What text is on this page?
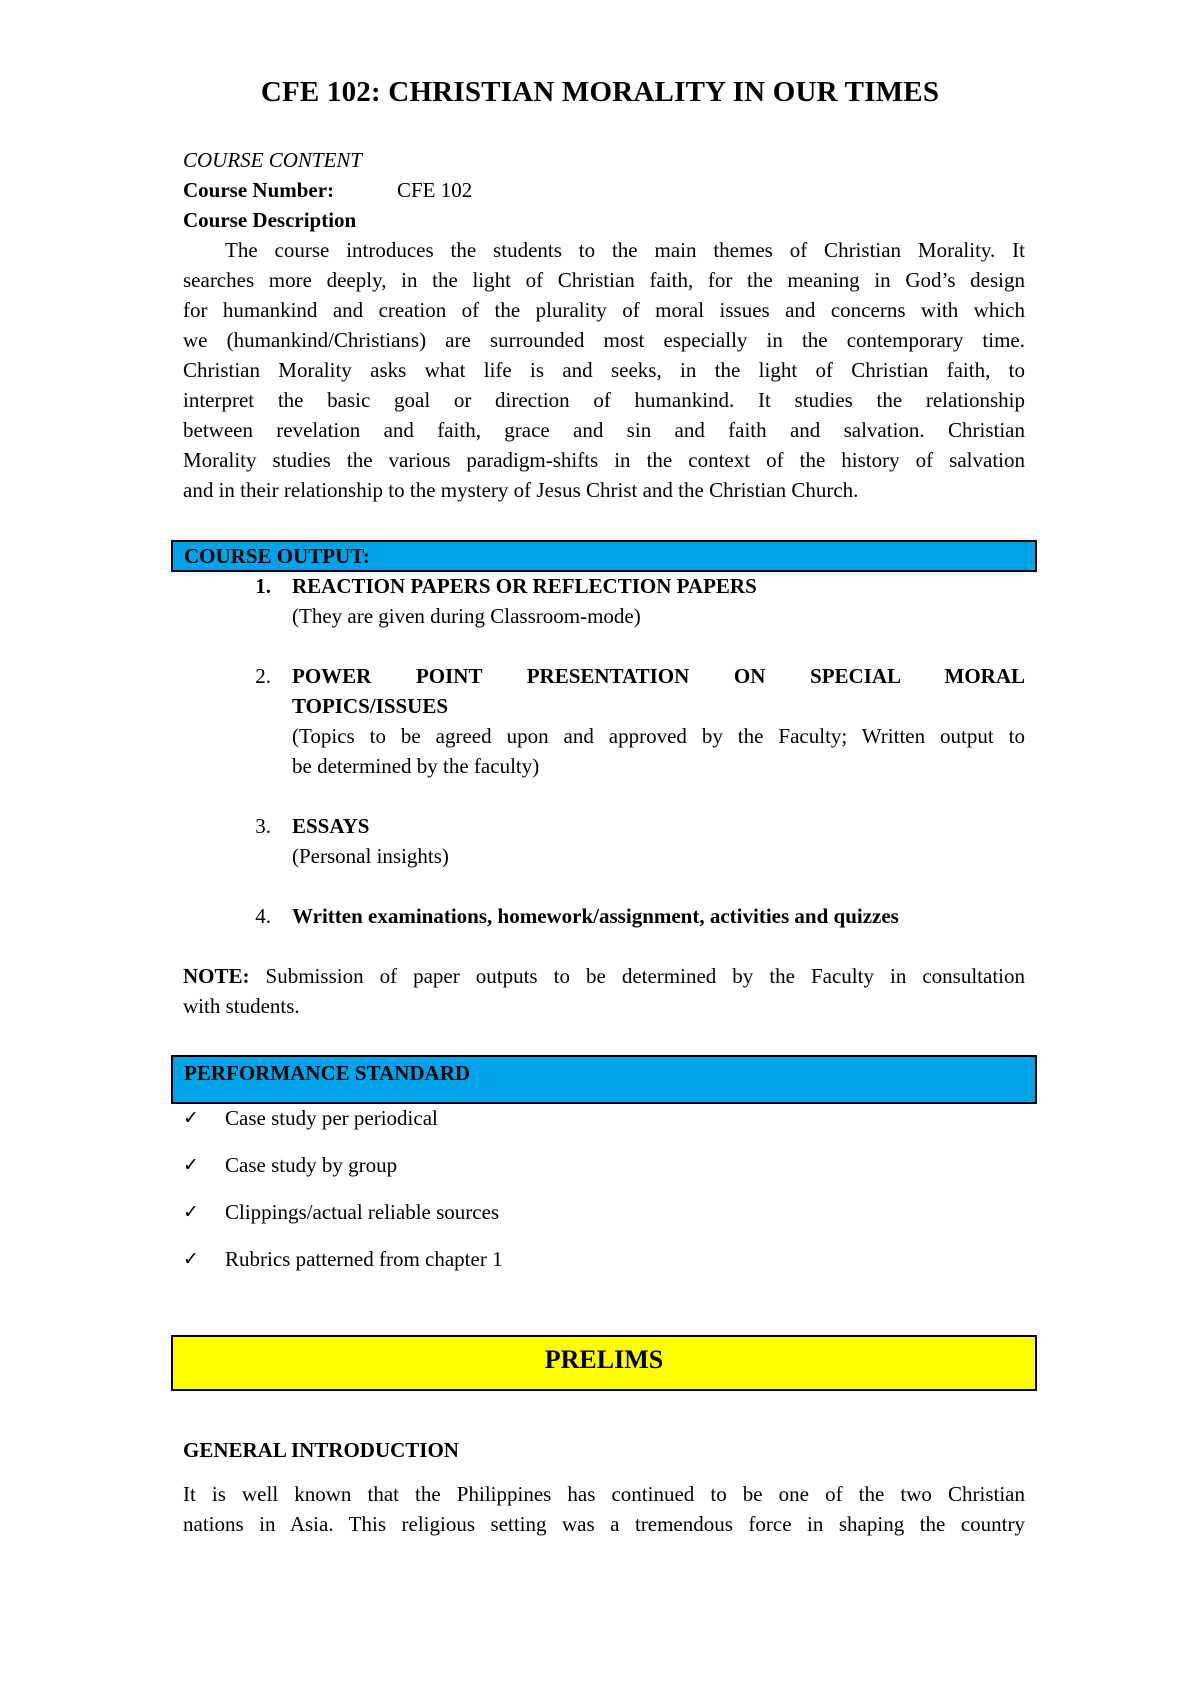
CFE 102: CHRISTIAN MORALITY IN OUR TIMES
COURSE CONTENT
Course Number:	CFE 102
Course Description
The course introduces the students to the main themes of Christian Morality. It
searches more deeply, in the light of Christian faith, for the meaning in God’s design
for humankind and creation of the plurality of moral issues and concerns with which
we (humankind/Christians) are surrounded most especially in the contemporary time.
Christian Morality asks what life is and seeks, in the light of Christian faith, to
interpret the basic goal or direction of humankind. It studies the relationship
between revelation and faith, grace and sin and faith and salvation. Christian
Morality studies the various paradigm-shifts in the context of the history of salvation
and in their relationship to the mystery of Jesus Christ and the Christian Church.
COURSE OUTPUT:
1. REACTION PAPERS OR REFLECTION PAPERS
(They are given during Classroom-mode)
2. POWER POINT PRESENTATION ON SPECIAL MORAL
TOPICS/ISSUES
(Topics to be agreed upon and approved by the Faculty; Written output to
be determined by the faculty)
3. ESSAYS
(Personal insights)
4. Written examinations, homework/assignment, activities and quizzes
NOTE: Submission of paper outputs to be determined by the Faculty in consultation
with students.
PERFORMANCE STANDARD
✓	Case study per periodical
✓	Case study by group
✓	Clippings/actual reliable sources
✓	Rubrics patterned from chapter 1
PRELIMS
GENERAL INTRODUCTION
It is well known that the Philippines has continued to be one of the two Christian
nations in Asia. This religious setting was a tremendous force in shaping the country
